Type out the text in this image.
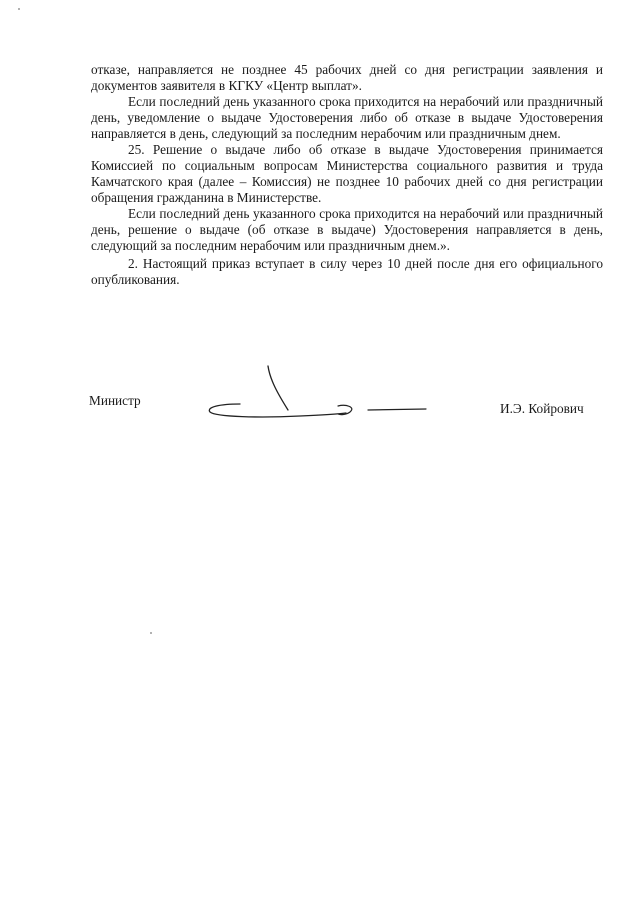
отказе, направляется не позднее 45 рабочих дней со дня регистрации заявления и документов заявителя в КГКУ «Центр выплат».

Если последний день указанного срока приходится на нерабочий или праздничный день, уведомление о выдаче Удостоверения либо об отказе в выдаче Удостоверения направляется в день, следующий за последним нерабочим или праздничным днем.

25. Решение о выдаче либо об отказе в выдаче Удостоверения принимается Комиссией по социальным вопросам Министерства социального развития и труда Камчатского края (далее – Комиссия) не позднее 10 рабочих дней со дня регистрации обращения гражданина в Министерстве.

Если последний день указанного срока приходится на нерабочий или праздничный день, решение о выдаче (об отказе в выдаче) Удостоверения направляется в день, следующий за последним нерабочим или праздничным днем.».

2. Настоящий приказ вступает в силу через 10 дней после дня его официального опубликования.

Министр
И.Э. Койрович
